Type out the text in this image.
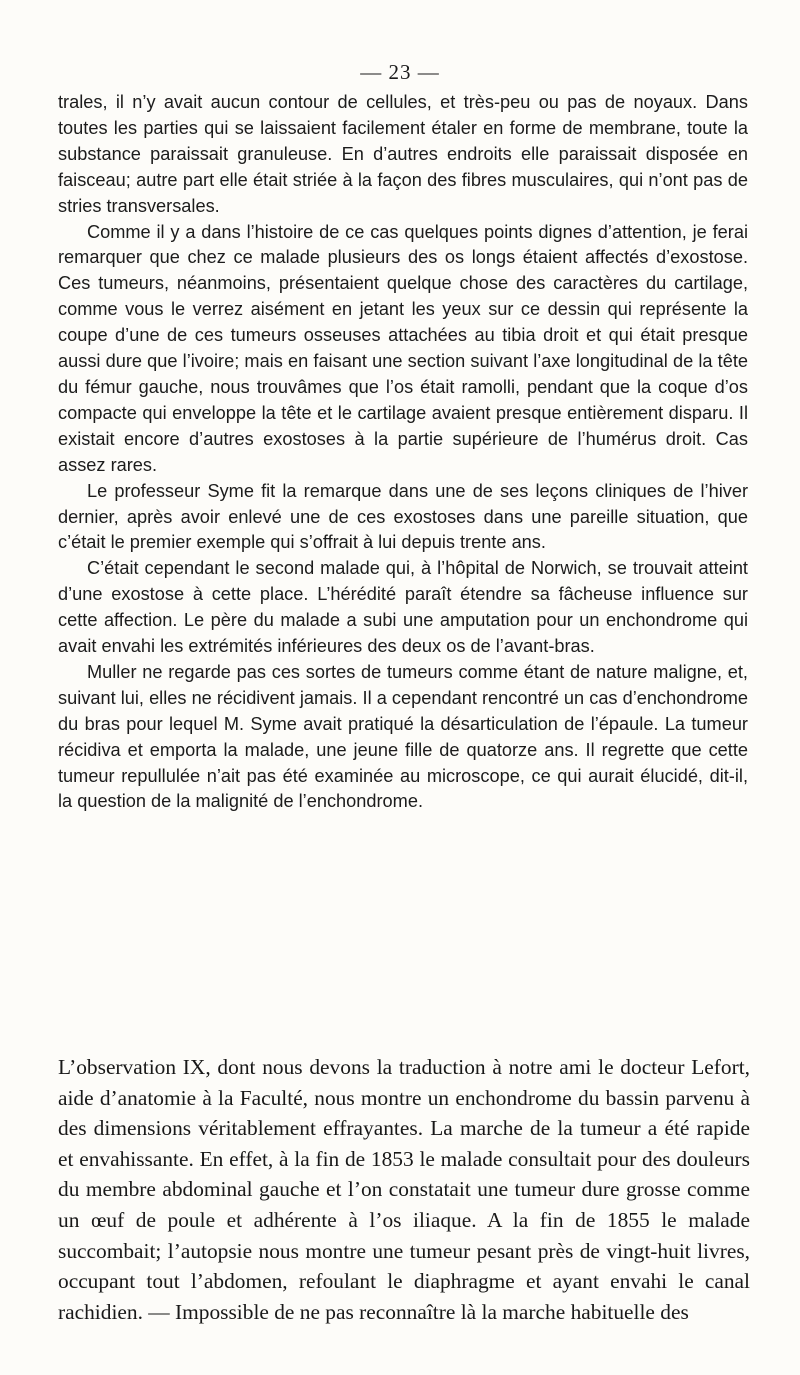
— 23 —

trales, il n’y avait aucun contour de cellules, et très-peu ou pas de noyaux. Dans toutes les parties qui se laissaient facilement étaler en forme de membrane, toute la substance paraissait granuleuse. En d’autres endroits elle paraissait disposée en faisceau; autre part elle était striée à la façon des fibres musculaires, qui n’ont pas de stries transversales.

Comme il y a dans l’histoire de ce cas quelques points dignes d’attention, je ferai remarquer que chez ce malade plusieurs des os longs étaient affectés d’exostose. Ces tumeurs, néanmoins, présentaient quelque chose des caractères du cartilage, comme vous le verrez aisément en jetant les yeux sur ce dessin qui représente la coupe d’une de ces tumeurs osseuses attachées au tibia droit et qui était presque aussi dure que l’ivoire; mais en faisant une section suivant l’axe longitudinal de la tête du fémur gauche, nous trouvâmes que l’os était ramolli, pendant que la coque d’os compacte qui enveloppe la tête et le cartilage avaient presque entièrement disparu. Il existait encore d’autres exostoses à la partie supérieure de l’humérus droit. Cas assez rares.

Le professeur Syme fit la remarque dans une de ses leçons cliniques de l’hiver dernier, après avoir enlevé une de ces exostoses dans une pareille situation, que c’était le premier exemple qui s’offrait à lui depuis trente ans.

C’était cependant le second malade qui, à l’hôpital de Norwich, se trouvait atteint d’une exostose à cette place. L’hérédité paraît étendre sa fâcheuse influence sur cette affection. Le père du malade a subi une amputation pour un enchondrome qui avait envahi les extrémités inférieures des deux os de l’avant-bras.

Muller ne regarde pas ces sortes de tumeurs comme étant de nature maligne, et, suivant lui, elles ne récidivent jamais. Il a cependant rencontré un cas d’enchondrome du bras pour lequel M. Syme avait pratiqué la désarticulation de l’épaule. La tumeur récidiva et emporta la malade, une jeune fille de quatorze ans. Il regrette que cette tumeur repullulée n’ait pas été examinée au microscope, ce qui aurait élucidé, dit-il, la question de la malignité de l’enchondrome.

L’observation IX, dont nous devons la traduction à notre ami le docteur Lefort, aide d’anatomie à la Faculté, nous montre un enchondrome du bassin parvenu à des dimensions véritablement effrayantes. La marche de la tumeur a été rapide et envahissante. En effet, à la fin de 1853 le malade consultait pour des douleurs du membre abdominal gauche et l’on constatait une tumeur dure grosse comme un œuf de poule et adhérente à l’os iliaque. A la fin de 1855 le malade succombait; l’autopsie nous montre une tumeur pesant près de vingt-huit livres, occupant tout l’abdomen, refoulant le diaphragme et ayant envahi le canal rachidien. — Impossible de ne pas reconnaître là la marche habituelle des
